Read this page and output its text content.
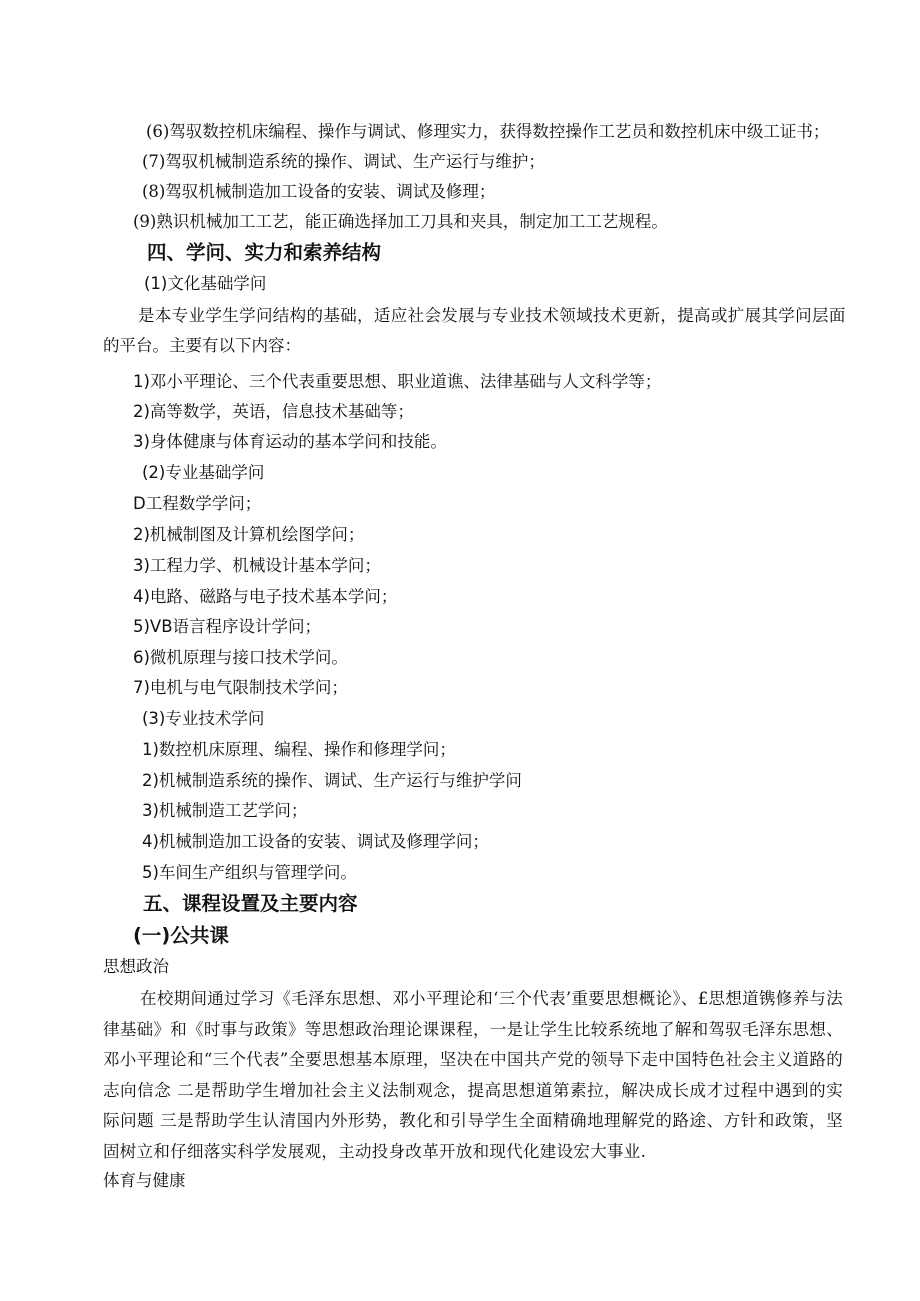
(6)驾驭数控机床编程、操作与调试、修理实力，获得数控操作工艺员和数控机床中级工证书；
(7)驾驭机械制造系统的操作、调试、生产运行与维护；
(8)驾驭机械制造加工设备的安装、调试及修理；
(9)熟识机械加工工艺，能正确选择加工刀具和夹具，制定加工工艺规程。
四、学问、实力和索养结构
(1)文化基础学问
是本专业学生学问结构的基础，适应社会发展与专业技术领域技术更新，提高或扩展其学问层面
的平台。主要有以下内容：
1)邓小平理论、三个代表重要思想、职业道谯、法律基础与人文科学等；
2)高等数学，英语，信息技术基础等；
3)身体健康与体育运动的基本学问和技能。
(2)专业基础学问
D工程数学学问；
2)机械制图及计算机绘图学问；
3)工程力学、机械设计基本学问；
4)电路、磁路与电子技术基本学问；
5)VB语言程序设计学问；
6)微机原理与接口技术学问。
7)电机与电气限制技术学问；
(3)专业技术学问
1)数控机床原理、编程、操作和修理学问；
2)机械制造系统的操作、调试、生产运行与维护学问
3)机械制造工艺学问；
4)机械制造加工设备的安装、调试及修理学问；
5)车间生产组织与管理学问。
五、课程设置及主要内容
(一)公共课
思想政治
在校期间通过学习《毛泽东思想、邓小平理论和‘三个代表’重要思想概论》、£思想道镌修养与法律基础》和《时事与政策》等思想政治理论课课程，一是让学生比较系统地了解和驾驭毛泽东思想、邓小平理论和“三个代表”全要思想基本原理，坚决在中国共产党的领导下走中国特色社会主义道路的志向信念 二是帮助学生增加社会主义法制观念，提高思想道第素拉，解决成长成才过程中遇到的实际问题 三是帮助学生认清国内外形势，教化和引导学生全面精确地理解党的路途、方针和政策，坚固树立和仔细落实科学发展观，主动投身改革开放和现代化建设宏大事业.
体育与健康
